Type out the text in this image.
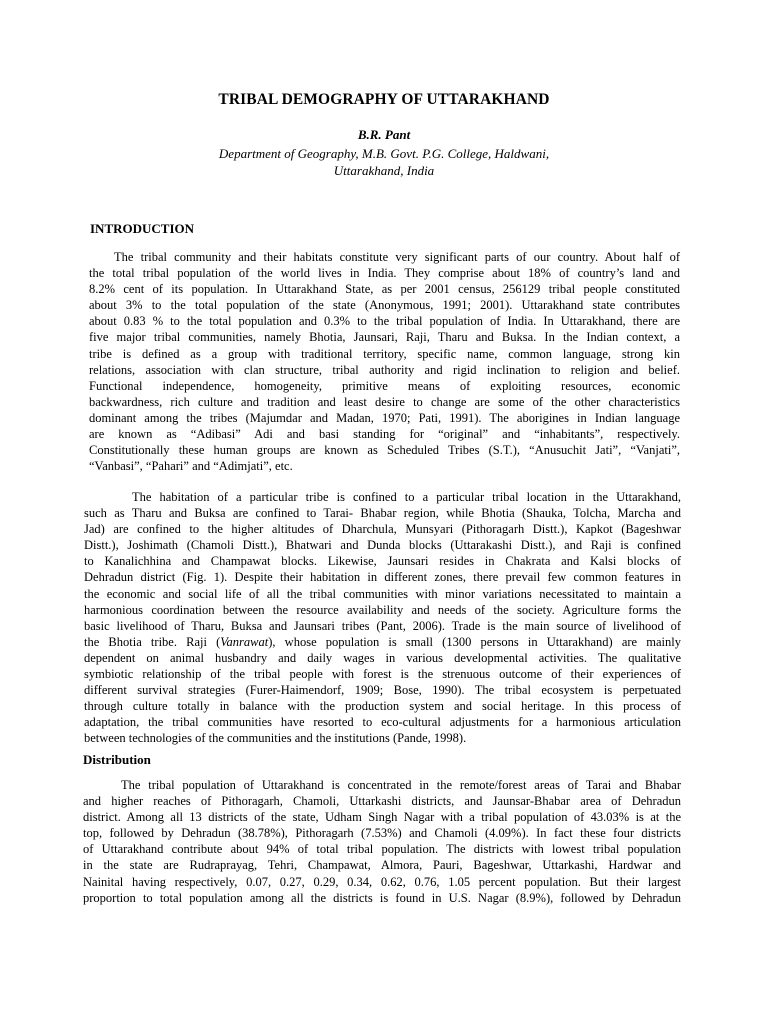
TRIBAL DEMOGRAPHY OF UTTARAKHAND
B.R. Pant
Department of Geography, M.B. Govt. P.G. College, Haldwani,
Uttarakhand, India
INTRODUCTION
The tribal community and their habitats constitute very significant parts of our country. About half of
the total tribal population of the world lives in India. They comprise about 18% of country’s land and
8.2% cent of its population. In Uttarakhand State, as per 2001 census, 256129 tribal people constituted
about 3% to the total population of the state (Anonymous, 1991; 2001). Uttarakhand state contributes
about 0.83 % to the total population and 0.3% to the tribal population of India. In Uttarakhand, there are
five major tribal communities, namely Bhotia, Jaunsari, Raji, Tharu and Buksa. In the Indian context, a
tribe is defined as a group with traditional territory, specific name, common language, strong kin
relations, association with clan structure, tribal authority and rigid inclination to religion and belief.
Functional independence, homogeneity, primitive means of exploiting resources, economic
backwardness, rich culture and tradition and least desire to change are some of the other characteristics
dominant among the tribes (Majumdar and Madan, 1970; Pati, 1991). The aborigines in Indian language
are known as “Adibasi” Adi and basi standing for “original” and “inhabitants”, respectively.
Constitutionally these human groups are known as Scheduled Tribes (S.T.), “Anusuchit Jati”, “Vanjati”,
“Vanbasi”, “Pahari” and “Adimjati”, etc.
The habitation of a particular tribe is confined to a particular tribal location in the Uttarakhand,
such as Tharu and Buksa are confined to Tarai- Bhabar region, while Bhotia (Shauka, Tolcha, Marcha and
Jad) are confined to the higher altitudes of Dharchula, Munsyari (Pithoragarh Distt.), Kapkot (Bageshwar
Distt.), Joshimath (Chamoli Distt.), Bhatwari and Dunda blocks (Uttarakashi Distt.), and Raji is confined
to Kanalichhina and Champawat blocks. Likewise, Jaunsari resides in Chakrata and Kalsi blocks of
Dehradun district (Fig. 1). Despite their habitation in different zones, there prevail few common features in
the economic and social life of all the tribal communities with minor variations necessitated to maintain a
harmonious coordination between the resource availability and needs of the society. Agriculture forms the
basic livelihood of Tharu, Buksa and Jaunsari tribes (Pant, 2006). Trade is the main source of livelihood of
the Bhotia tribe. Raji (Vanrawat), whose population is small (1300 persons in Uttarakhand) are mainly
dependent on animal husbandry and daily wages in various developmental activities. The qualitative
symbiotic relationship of the tribal people with forest is the strenuous outcome of their experiences of
different survival strategies (Furer-Haimendorf, 1909; Bose, 1990). The tribal ecosystem is perpetuated
through culture totally in balance with the production system and social heritage. In this process of
adaptation, the tribal communities have resorted to eco-cultural adjustments for a harmonious articulation
between technologies of the communities and the institutions (Pande, 1998).
Distribution
The tribal population of Uttarakhand is concentrated in the remote/forest areas of Tarai and Bhabar
and higher reaches of Pithoragarh, Chamoli, Uttarkashi districts, and Jaunsar-Bhabar area of Dehradun
district. Among all 13 districts of the state, Udham Singh Nagar with a tribal population of 43.03% is at the
top, followed by Dehradun (38.78%), Pithoragarh (7.53%) and Chamoli (4.09%). In fact these four districts
of Uttarakhand contribute about 94% of total tribal population. The districts with lowest tribal population
in the state are Rudraprayag, Tehri, Champawat, Almora, Pauri, Bageshwar, Uttarkashi, Hardwar and
Nainital having respectively, 0.07, 0.27, 0.29, 0.34, 0.62, 0.76, 1.05 percent population. But their largest
proportion to total population among all the districts is found in U.S. Nagar (8.9%), followed by Dehradun
